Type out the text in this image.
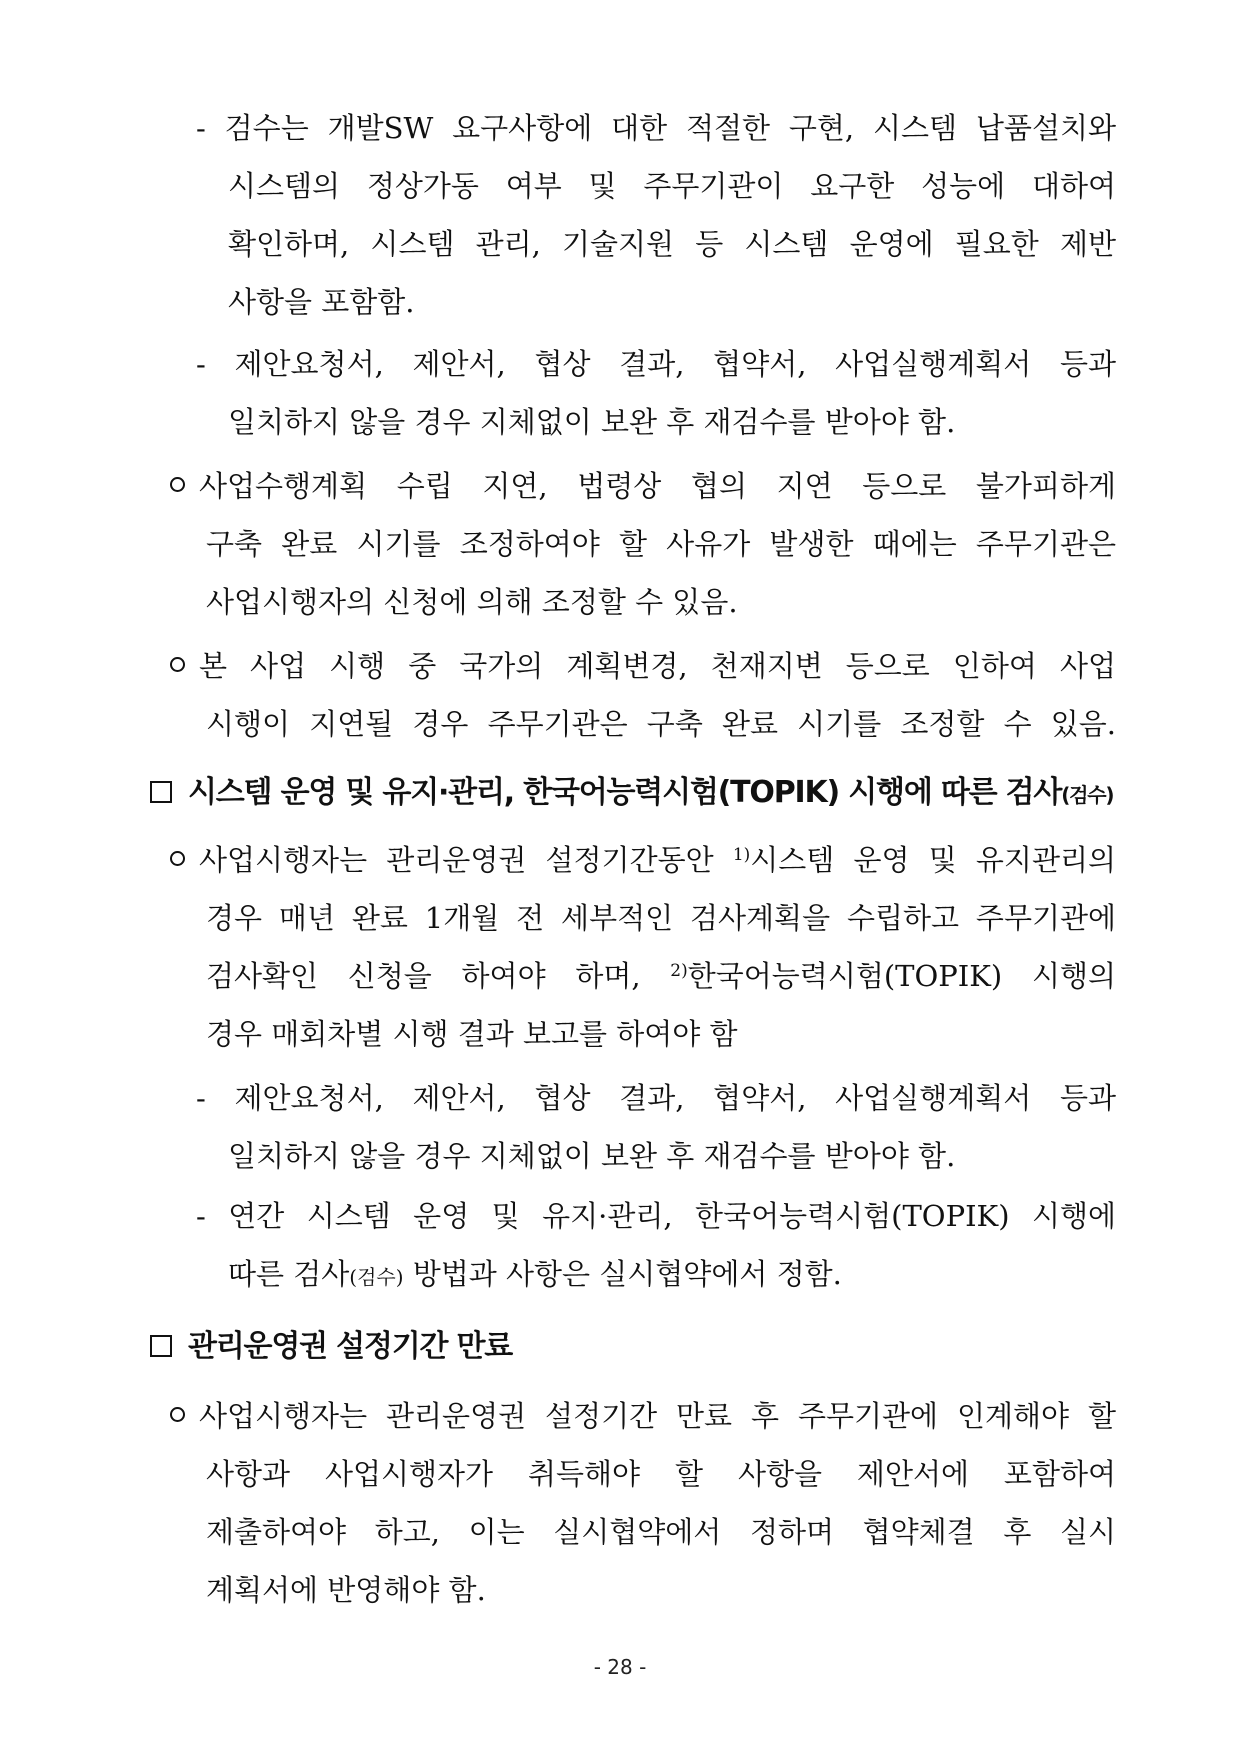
- 검수는 개발SW 요구사항에 대한 적절한 구현, 시스템 납품설치와
시스템의 정상가동 여부 및 주무기관이 요구한 성능에 대하여
확인하며, 시스템 관리, 기술지원 등 시스템 운영에 필요한 제반
사항을 포함함.
- 제안요청서, 제안서, 협상 결과, 협약서, 사업실행계획서 등과
일치하지 않을 경우 지체없이 보완 후 재검수를 받아야 함.
사업수행계획 수립 지연, 법령상 협의 지연 등으로 불가피하게
구축 완료 시기를 조정하여야 할 사유가 발생한 때에는 주무기관은
사업시행자의 신청에 의해 조정할 수 있음.
본 사업 시행 중 국가의 계획변경, 천재지변 등으로 인하여 사업
시행이 지연될 경우 주무기관은 구축 완료 시기를 조정할 수 있음.
시스템 운영 및 유지·관리, 한국어능력시험(TOPIK) 시행에 따른 검사(검수)
사업시행자는 관리운영권 설정기간동안 $^{1)}$시스템 운영 및 유지관리의
경우 매년 완료 1개월 전 세부적인 검사계획을 수립하고 주무기관에
검사확인 신청을 하여야 하며, $^{2)}$한국어능력시험(TOPIK) 시행의
경우 매회차별 시행 결과 보고를 하여야 함
- 제안요청서, 제안서, 협상 결과, 협약서, 사업실행계획서 등과
일치하지 않을 경우 지체없이 보완 후 재검수를 받아야 함.
- 연간 시스템 운영 및 유지·관리, 한국어능력시험(TOPIK) 시행에
따른 검사(검수) 방법과 사항은 실시협약에서 정함.
관리운영권 설정기간 만료
사업시행자는 관리운영권 설정기간 만료 후 주무기관에 인계해야 할
사항과 사업시행자가 취득해야 할 사항을 제안서에 포함하여
제출하여야 하고, 이는 실시협약에서 정하며 협약체결 후 실시
계획서에 반영해야 함.
- 28 -
